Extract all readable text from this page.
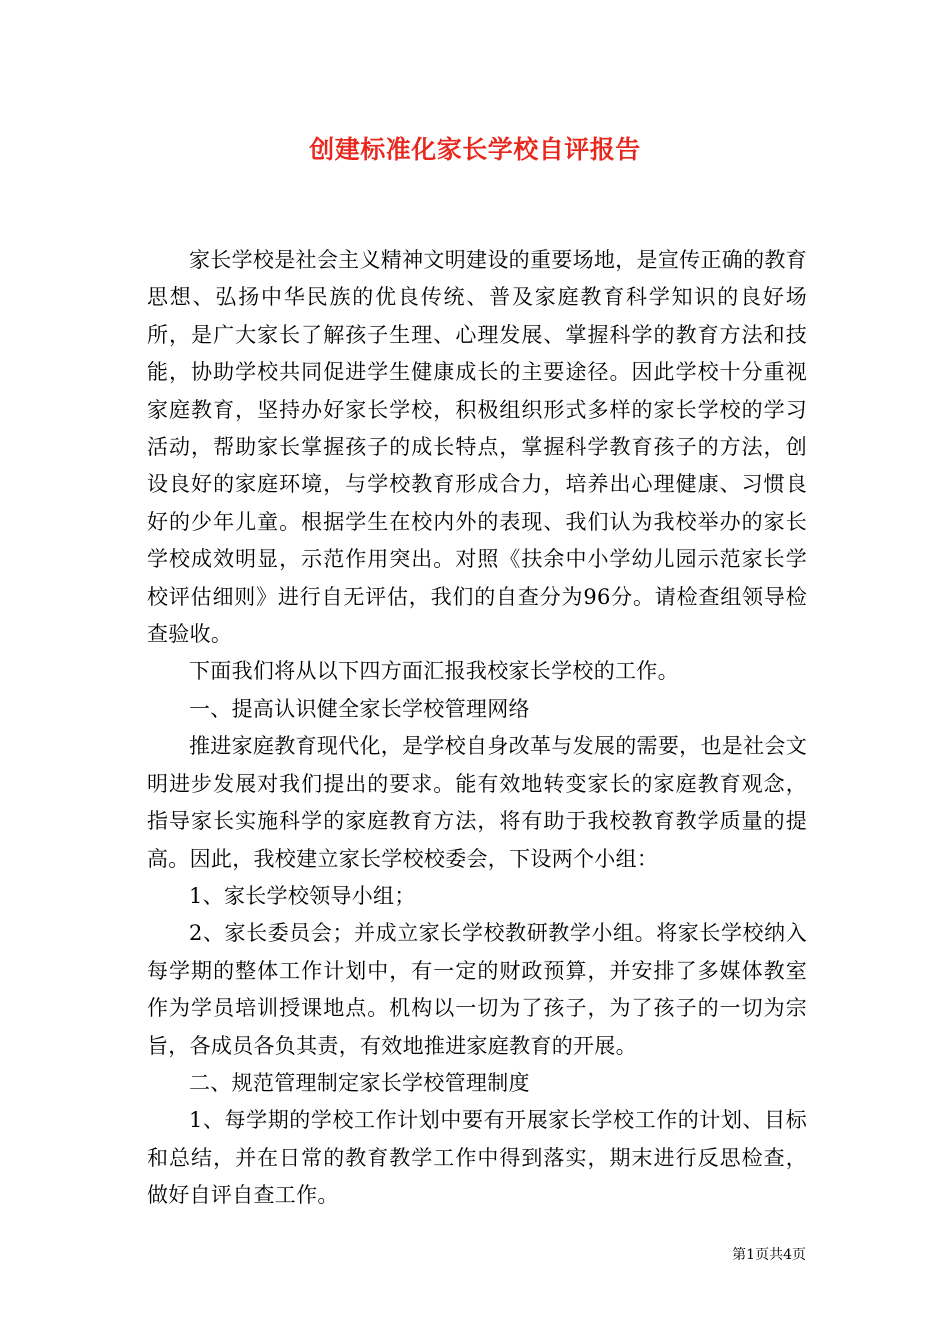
创建标准化家长学校自评报告

家长学校是社会主义精神文明建设的重要场地，是宣传正确的教育思想、弘扬中华民族的优良传统、普及家庭教育科学知识的良好场所，是广大家长了解孩子生理、心理发展、掌握科学的教育方法和技能，协助学校共同促进学生健康成长的主要途径。因此学校十分重视家庭教育，坚持办好家长学校，积极组织形式多样的家长学校的学习活动，帮助家长掌握孩子的成长特点，掌握科学教育孩子的方法，创设良好的家庭环境，与学校教育形成合力，培养出心理健康、习惯良好的少年儿童。根据学生在校内外的表现、我们认为我校举办的家长学校成效明显，示范作用突出。对照《扶余中小学幼儿园示范家长学校评估细则》进行自无评估，我们的自查分为96分。请检查组领导检查验收。

下面我们将从以下四方面汇报我校家长学校的工作。

一、提高认识健全家长学校管理网络

推进家庭教育现代化，是学校自身改革与发展的需要，也是社会文明进步发展对我们提出的要求。能有效地转变家长的家庭教育观念，指导家长实施科学的家庭教育方法，将有助于我校教育教学质量的提高。因此，我校建立家长学校校委会，下设两个小组：

1、家长学校领导小组；

2、家长委员会；并成立家长学校教研教学小组。将家长学校纳入每学期的整体工作计划中，有一定的财政预算，并安排了多媒体教室作为学员培训授课地点。机构以一切为了孩子，为了孩子的一切为宗旨，各成员各负其责，有效地推进家庭教育的开展。

二、规范管理制定家长学校管理制度

1、每学期的学校工作计划中要有开展家长学校工作的计划、目标和总结，并在日常的教育教学工作中得到落实，期末进行反思检查，做好自评自查工作。

第1页共4页
